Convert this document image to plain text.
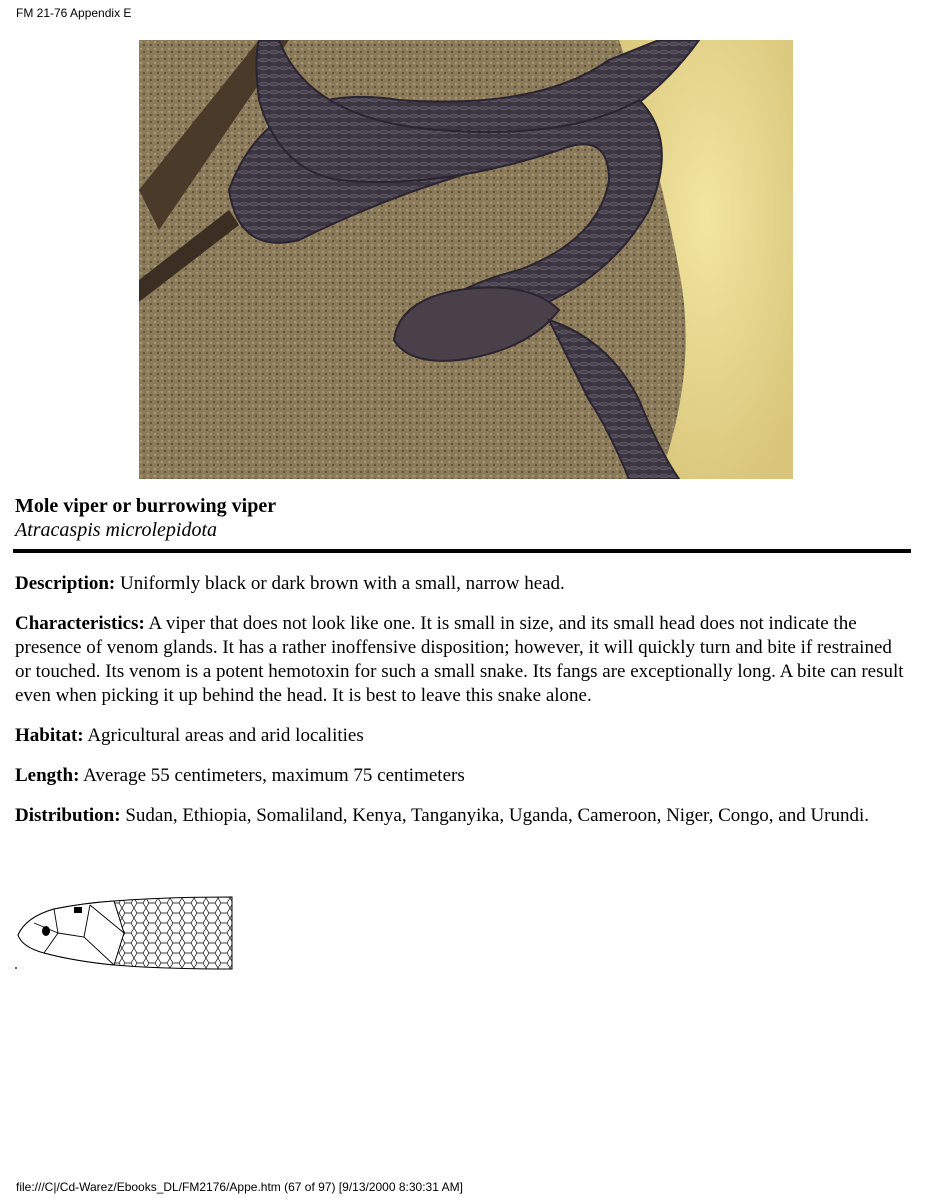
FM 21-76 Appendix E
Mole viper or burrowing viper
Atracaspis microlepidota

Description: Uniformly black or dark brown with a small, narrow head.

Characteristics: A viper that does not look like one. It is small in size, and its small head does not indicate the presence of venom glands. It has a rather inoffensive disposition; however, it will quickly turn and bite if restrained or touched. Its venom is a potent hemotoxin for such a small snake. Its fangs are exceptionally long. A bite can result even when picking it up behind the head. It is best to leave this snake alone.

Habitat: Agricultural areas and arid localities

Length: Average 55 centimeters, maximum 75 centimeters

Distribution: Sudan, Ethiopia, Somaliland, Kenya, Tanganyika, Uganda, Cameroon, Niger, Congo, and Urundi.

file:///C|/Cd-Warez/Ebooks_DL/FM2176/Appe.htm (67 of 97) [9/13/2000 8:30:31 AM]
